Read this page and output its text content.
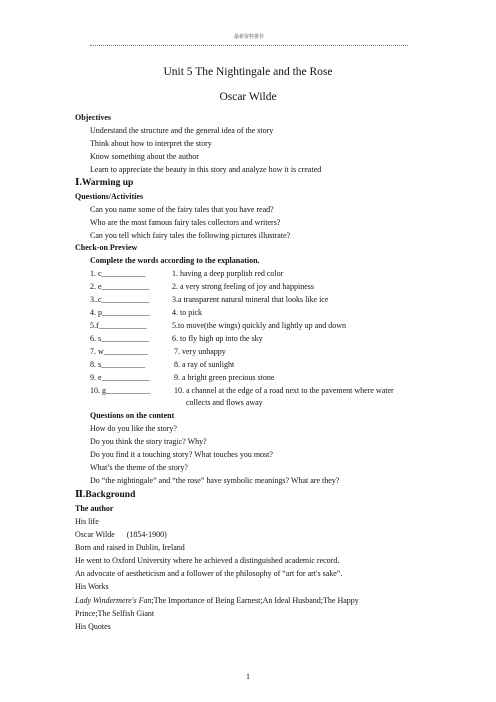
最新资料推荐
Unit 5 The Nightingale and the Rose
Oscar Wilde
Objectives
Understand the structure and the general idea of the story
Think about how to interpret the story
Know something about the author
Learn to appreciate the beauty in this story and analyze how it is created
Ⅰ.Warming up
Questions/Activities
Can you name some of the fairy tales that you have read?
Who are the most famous fairy tales collectors and writers?
Can you tell which fairy tales the following pictures illustrate?
Check-on Preview
Complete the words according to the explanation.
1. c___________	1. having a deep purplish red color
2. e____________	2. a very strong feeling of joy and happiness
3..c____________	3.a transparent natural mineral that looks like ice
4. p____________	4. to pick
5.f____________	5.to move(the wings) quickly and lightly up and down
6. s____________	6. to fly high up into the sky
7. w___________	7. very unhappy
8. s___________	8. a ray of sunlight
9. e____________	9. a bright green precious stone
10. g___________	10. a channel at the edge of a road next to the pavement where water
collects and flows away
Questions on the content
How do you like the story?
Do you think the story tragic? Why?
Do you find it a touching story? What touches you most?
What’s the theme of the story?
Do “the nightingale” and “the rose” have symbolic meanings? What are they?
Ⅱ.Background
The author
His life
Oscar Wilde      (1854-1900)
Born and raised in Dublin, Ireland
He went to Oxford University where he achieved a distinguished academic record.
An advocate of aestheticism and a follower of the philosophy of “art for art's sake”.
His Works
Lady Windermere's Fan;The Importance of Being Earnest;An Ideal Husband;The Happy
Prince;The Selfish Giant
His Quotes
1
